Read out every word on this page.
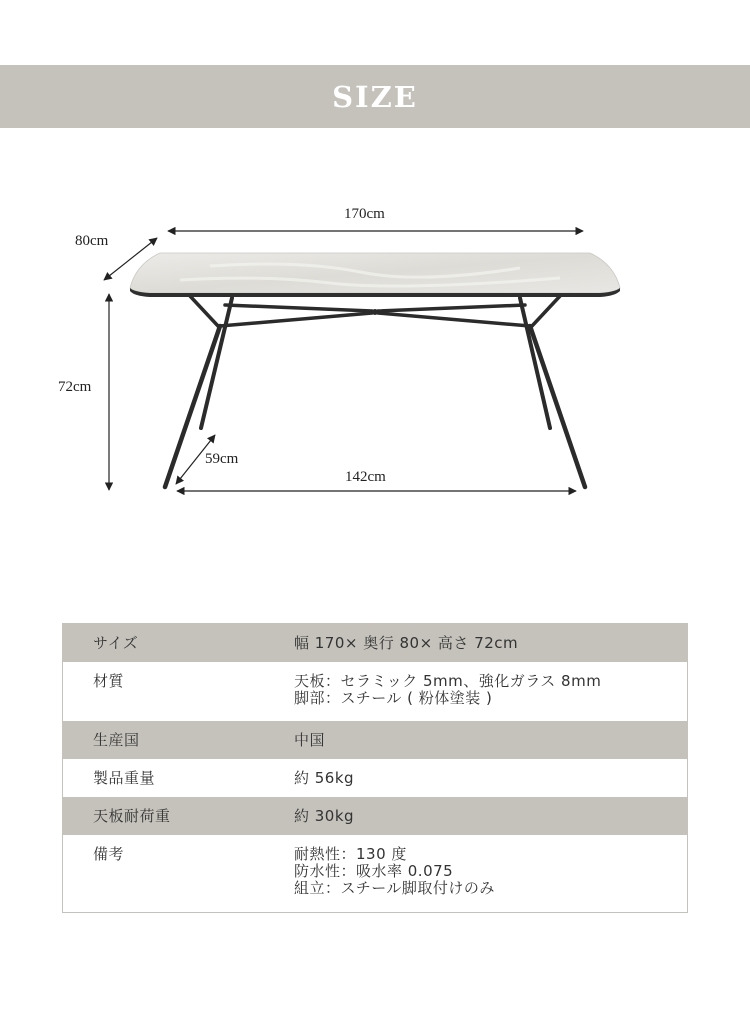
SIZE
170cm
80cm
72cm
59cm
142cm
サイズ	幅 170× 奥行 80× 高さ 72cm

材質	天板：セラミック 5mm、強化ガラス 8mm
脚部：スチール ( 粉体塗装 )

生産国	中国

製品重量	約 56kg

天板耐荷重	約 30kg

備考	耐熱性：130 度
防水性：吸水率 0.075
組立：スチール脚取付けのみ
